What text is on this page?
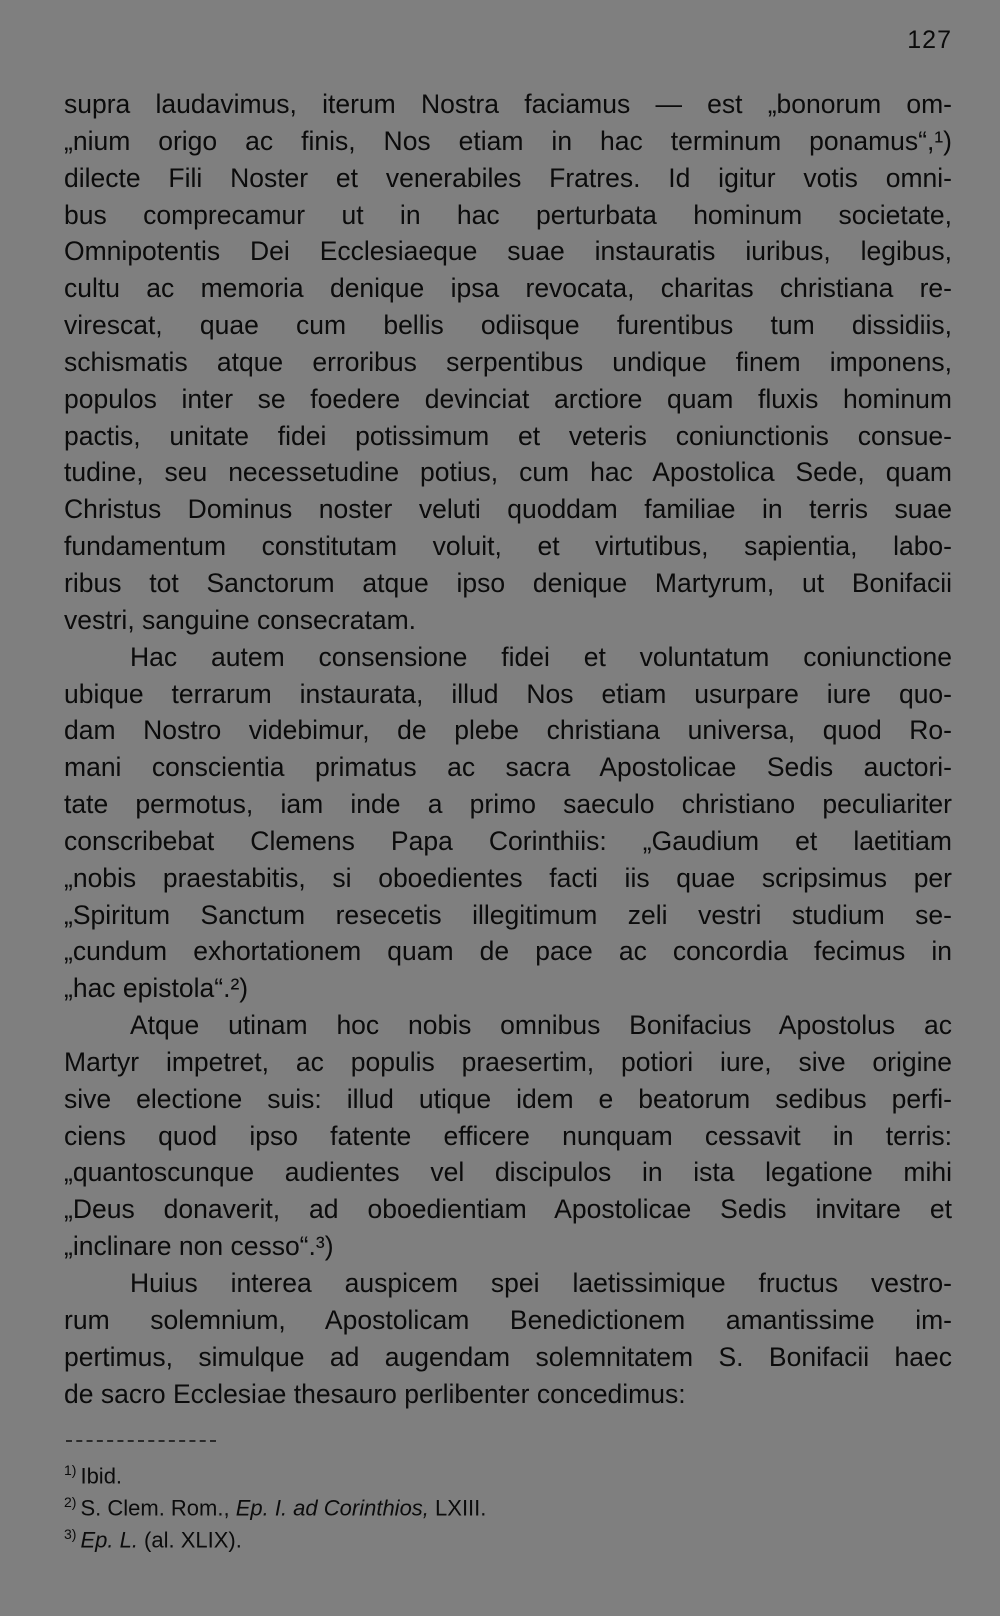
127
supra laudavimus, iterum Nostra faciamus — est „bonorum om-
„nium origo ac finis, Nos etiam in hac terminum ponamus“,¹)
dilecte Fili Noster et venerabiles Fratres. Id igitur votis omni-
bus comprecamur ut in hac perturbata hominum societate,
Omnipotentis Dei Ecclesiaeque suae instauratis iuribus, legibus,
cultu ac memoria denique ipsa revocata, charitas christiana re-
virescat, quae cum bellis odiisque furentibus tum dissidiis,
schismatis atque erroribus serpentibus undique finem imponens,
populos inter se foedere devinciat arctiore quam fluxis hominum
pactis, unitate fidei potissimum et veteris coniunctionis consue-
tudine, seu necessetudine potius, cum hac Apostolica Sede, quam
Christus Dominus noster veluti quoddam familiae in terris suae
fundamentum constitutam voluit, et virtutibus, sapientia, labo-
ribus tot Sanctorum atque ipso denique Martyrum, ut Bonifacii
vestri, sanguine consecratam.
Hac autem consensione fidei et voluntatum coniunctione
ubique terrarum instaurata, illud Nos etiam usurpare iure quo-
dam Nostro videbimur, de plebe christiana universa, quod Ro-
mani conscientia primatus ac sacra Apostolicae Sedis auctori-
tate permotus, iam inde a primo saeculo christiano peculiariter
conscribebat Clemens Papa Corinthiis: „Gaudium et laetitiam
„nobis praestabitis, si oboedientes facti iis quae scripsimus per
„Spiritum Sanctum resecetis illegitimum zeli vestri studium se-
„cundum exhortationem quam de pace ac concordia fecimus in
„hac epistola“.²)
Atque utinam hoc nobis omnibus Bonifacius Apostolus ac
Martyr impetret, ac populis praesertim, potiori iure, sive origine
sive electione suis: illud utique idem e beatorum sedibus perfi-
ciens quod ipso fatente efficere nunquam cessavit in terris:
„quantoscunque audientes vel discipulos in ista legatione mihi
„Deus donaverit, ad oboedientiam Apostolicae Sedis invitare et
„inclinare non cesso“.³)
Huius interea auspicem spei laetissimique fructus vestro-
rum solemnium, Apostolicam Benedictionem amantissime im-
pertimus, simulque ad augendam solemnitatem S. Bonifacii haec
de sacro Ecclesiae thesauro perlibenter concedimus:
$^{1)}$ Ibid.
$^{2)}$ S. Clem. Rom., Ep. I. ad Corinthios, LXIII.
$^{3)}$ Ep. L. (al. XLIX).
